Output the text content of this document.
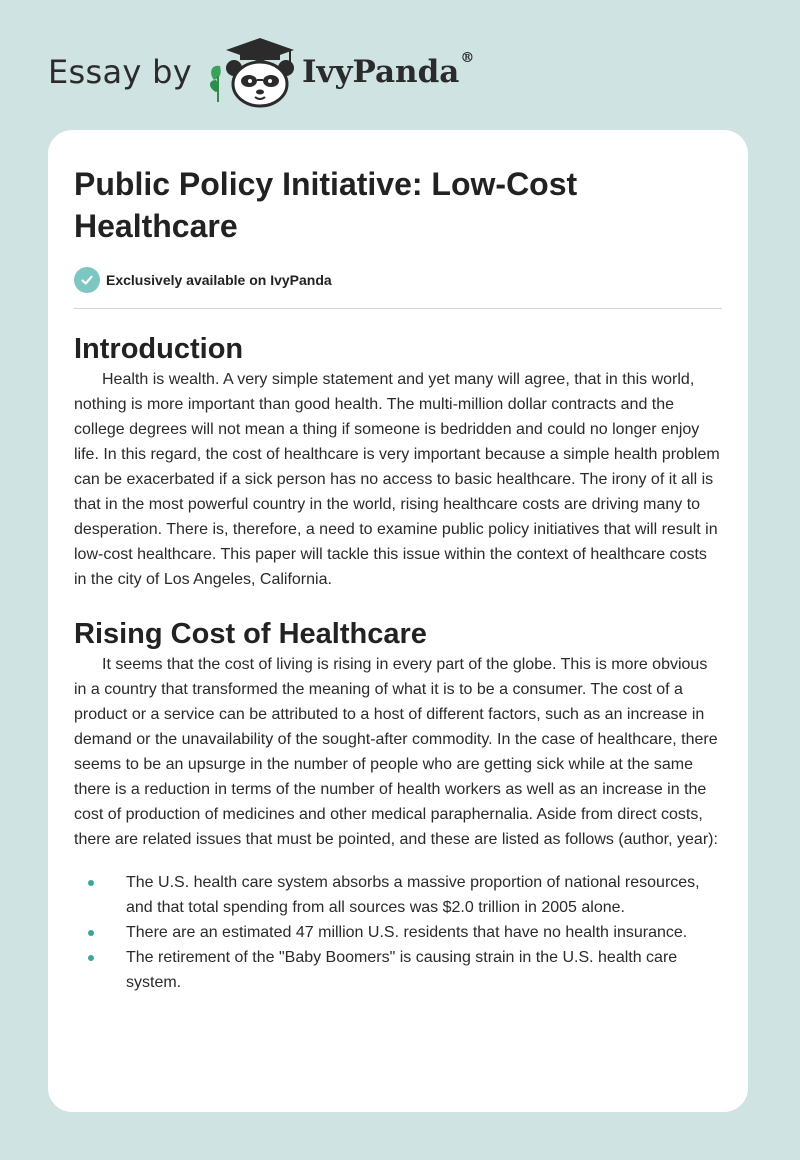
Essay by	IvyPanda®
Public Policy Initiative: Low-Cost Healthcare
Exclusively available on IvyPanda
Introduction

Health is wealth. A very simple statement and yet many will agree, that in this world, nothing is more important than good health. The multi-million dollar contracts and the college degrees will not mean a thing if someone is bedridden and could no longer enjoy life. In this regard, the cost of healthcare is very important because a simple health problem can be exacerbated if a sick person has no access to basic healthcare. The irony of it all is that in the most powerful country in the world, rising healthcare costs are driving many to desperation. There is, therefore, a need to examine public policy initiatives that will result in low-cost healthcare. This paper will tackle this issue within the context of healthcare costs in the city of Los Angeles, California.

Rising Cost of Healthcare

It seems that the cost of living is rising in every part of the globe. This is more obvious in a country that transformed the meaning of what it is to be a consumer. The cost of a product or a service can be attributed to a host of different factors, such as an increase in demand or the unavailability of the sought-after commodity. In the case of healthcare, there seems to be an upsurge in the number of people who are getting sick while at the same there is a reduction in terms of the number of health workers as well as an increase in the cost of production of medicines and other medical paraphernalia. Aside from direct costs, there are related issues that must be pointed, and these are listed as follows (author, year):

The U.S. health care system absorbs a massive proportion of national resources, and that total spending from all sources was $2.0 trillion in 2005 alone.
There are an estimated 47 million U.S. residents that have no health insurance.
The retirement of the "Baby Boomers" is causing strain in the U.S. health care system.
